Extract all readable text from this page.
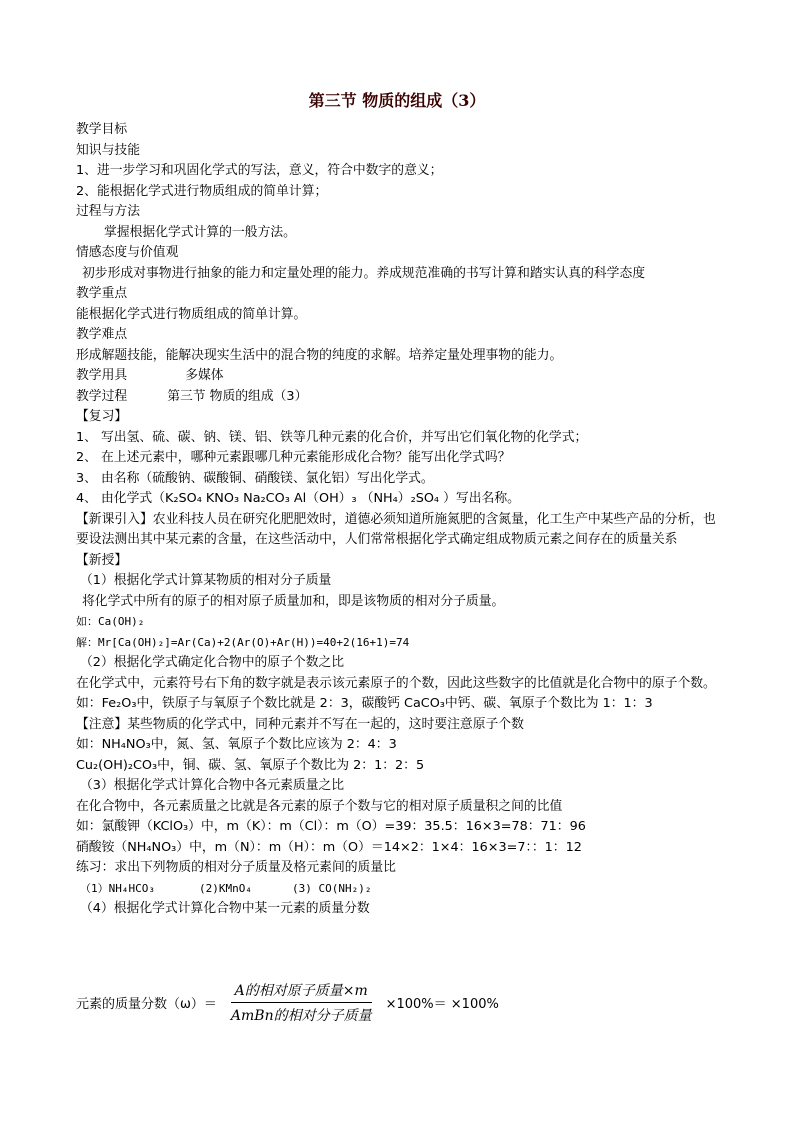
第三节 物质的组成（3）
教学目标
知识与技能
1、进一步学习和巩固化学式的写法，意义，符合中数字的意义；
2、能根据化学式进行物质组成的简单计算；
过程与方法
掌握根据化学式计算的一般方法。
情感态度与价值观
初步形成对事物进行抽象的能力和定量处理的能力。养成规范准确的书写计算和踏实认真的科学态度
教学重点
能根据化学式进行物质组成的简单计算。
教学难点
形成解题技能，能解决现实生活中的混合物的纯度的求解。培养定量处理事物的能力。
教学用具	多媒体
教学过程	第三节 物质的组成（3）
【复习】
1、 写出氢、硫、碳、钠、镁、铝、铁等几种元素的化合价，并写出它们氧化物的化学式；
2、 在上述元素中，哪种元素跟哪几种元素能形成化合物？能写出化学式吗？
3、 由名称（硫酸钠、碳酸铜、硝酸镁、氯化铝）写出化学式。
4、 由化学式（K₂SO₄ KNO₃ Na₂CO₃ Al（OH）₃ （NH₄）₂SO₄ ）写出名称。
【新课引入】农业科技人员在研究化肥肥效时，道德必须知道所施氮肥的含氮量，化工生产中某些产品的分析，也要设法测出其中某元素的含量，在这些活动中，人们常常根据化学式确定组成物质元素之间存在的质量关系
【新授】
（1）根据化学式计算某物质的相对分子质量
将化学式中所有的原子的相对原子质量加和，即是该物质的相对分子质量。
如：Ca(OH)₂
解：Mr[Ca(OH)₂]=Ar(Ca)+2(Ar(O)+Ar(H))=40+2(16+1)=74
（2）根据化学式确定化合物中的原子个数之比
在化学式中，元素符号右下角的数字就是表示该元素原子的个数，因此这些数字的比值就是化合物中的原子个数。
如：Fe₂O₃中，铁原子与氧原子个数比就是 2：3，碳酸钙 CaCO₃中钙、碳、氧原子个数比为 1：1：3
【注意】某些物质的化学式中，同种元素并不写在一起的，这时要注意原子个数
如：NH₄NO₃中，氮、氢、氧原子个数比应该为 2：4：3
Cu₂(OH)₂CO₃中，铜、碳、氢、氧原子个数比为 2：1：2：5
（3）根据化学式计算化合物中各元素质量之比
在化合物中，各元素质量之比就是各元素的原子个数与它的相对原子质量积之间的比值
如：氯酸钾（KClO₃）中，m（K）：m（Cl）：m（O）=39：35.5：16×3=78：71：96
硝酸铵（NH₄NO₃）中，m（N）：m（H）：m（O）＝14×2：1×4：16×3=7：：1：12
练习：求出下列物质的相对分子质量及格元素间的质量比
（1）NH₄HCO₃	(2)KMnO₄	(3) CO(NH₂)₂
（4）根据化学式计算化合物中某一元素的质量分数
元素的质量分数$(\omega)= \frac{\text{A的相对原子质量×m}}{\text{AmBn的相对分子质量}} \times 100\%= \times 100\%$
